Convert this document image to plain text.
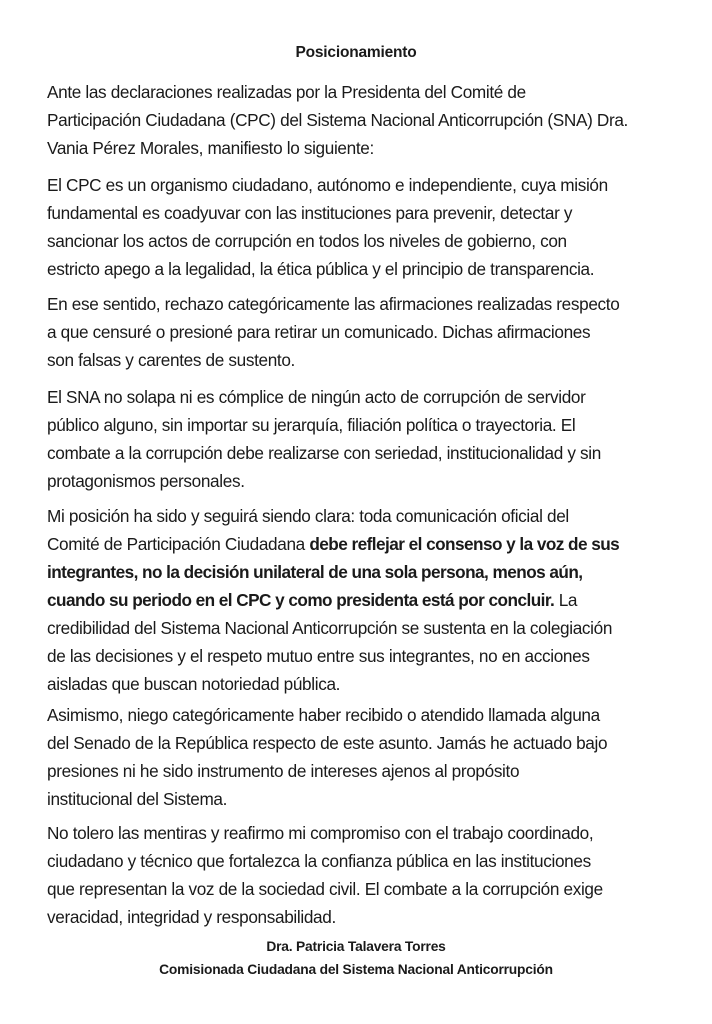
Posicionamiento
Ante las declaraciones realizadas por la Presidenta del Comité de
Participación Ciudadana (CPC) del Sistema Nacional Anticorrupción (SNA) Dra.
Vania Pérez Morales, manifiesto lo siguiente:
El CPC es un organismo ciudadano, autónomo e independiente, cuya misión
fundamental es coadyuvar con las instituciones para prevenir, detectar y
sancionar los actos de corrupción en todos los niveles de gobierno, con
estricto apego a la legalidad, la ética pública y el principio de transparencia.
En ese sentido, rechazo categóricamente las afirmaciones realizadas respecto
a que censuré o presioné para retirar un comunicado. Dichas afirmaciones
son falsas y carentes de sustento.
El SNA no solapa ni es cómplice de ningún acto de corrupción de servidor
público alguno, sin importar su jerarquía, filiación política o trayectoria. El
combate a la corrupción debe realizarse con seriedad, institucionalidad y sin
protagonismos personales.
Mi posición ha sido y seguirá siendo clara: toda comunicación oficial del
Comité de Participación Ciudadana debe reflejar el consenso y la voz de sus
integrantes, no la decisión unilateral de una sola persona, menos aún,
cuando su periodo en el CPC y como presidenta está por concluir. La
credibilidad del Sistema Nacional Anticorrupción se sustenta en la colegiación
de las decisiones y el respeto mutuo entre sus integrantes, no en acciones
aisladas que buscan notoriedad pública.
Asimismo, niego categóricamente haber recibido o atendido llamada alguna
del Senado de la República respecto de este asunto. Jamás he actuado bajo
presiones ni he sido instrumento de intereses ajenos al propósito
institucional del Sistema.
No tolero las mentiras y reafirmo mi compromiso con el trabajo coordinado,
ciudadano y técnico que fortalezca la confianza pública en las instituciones
que representan la voz de la sociedad civil. El combate a la corrupción exige
veracidad, integridad y responsabilidad.
Dra. Patricia Talavera Torres
Comisionada Ciudadana del Sistema Nacional Anticorrupción
